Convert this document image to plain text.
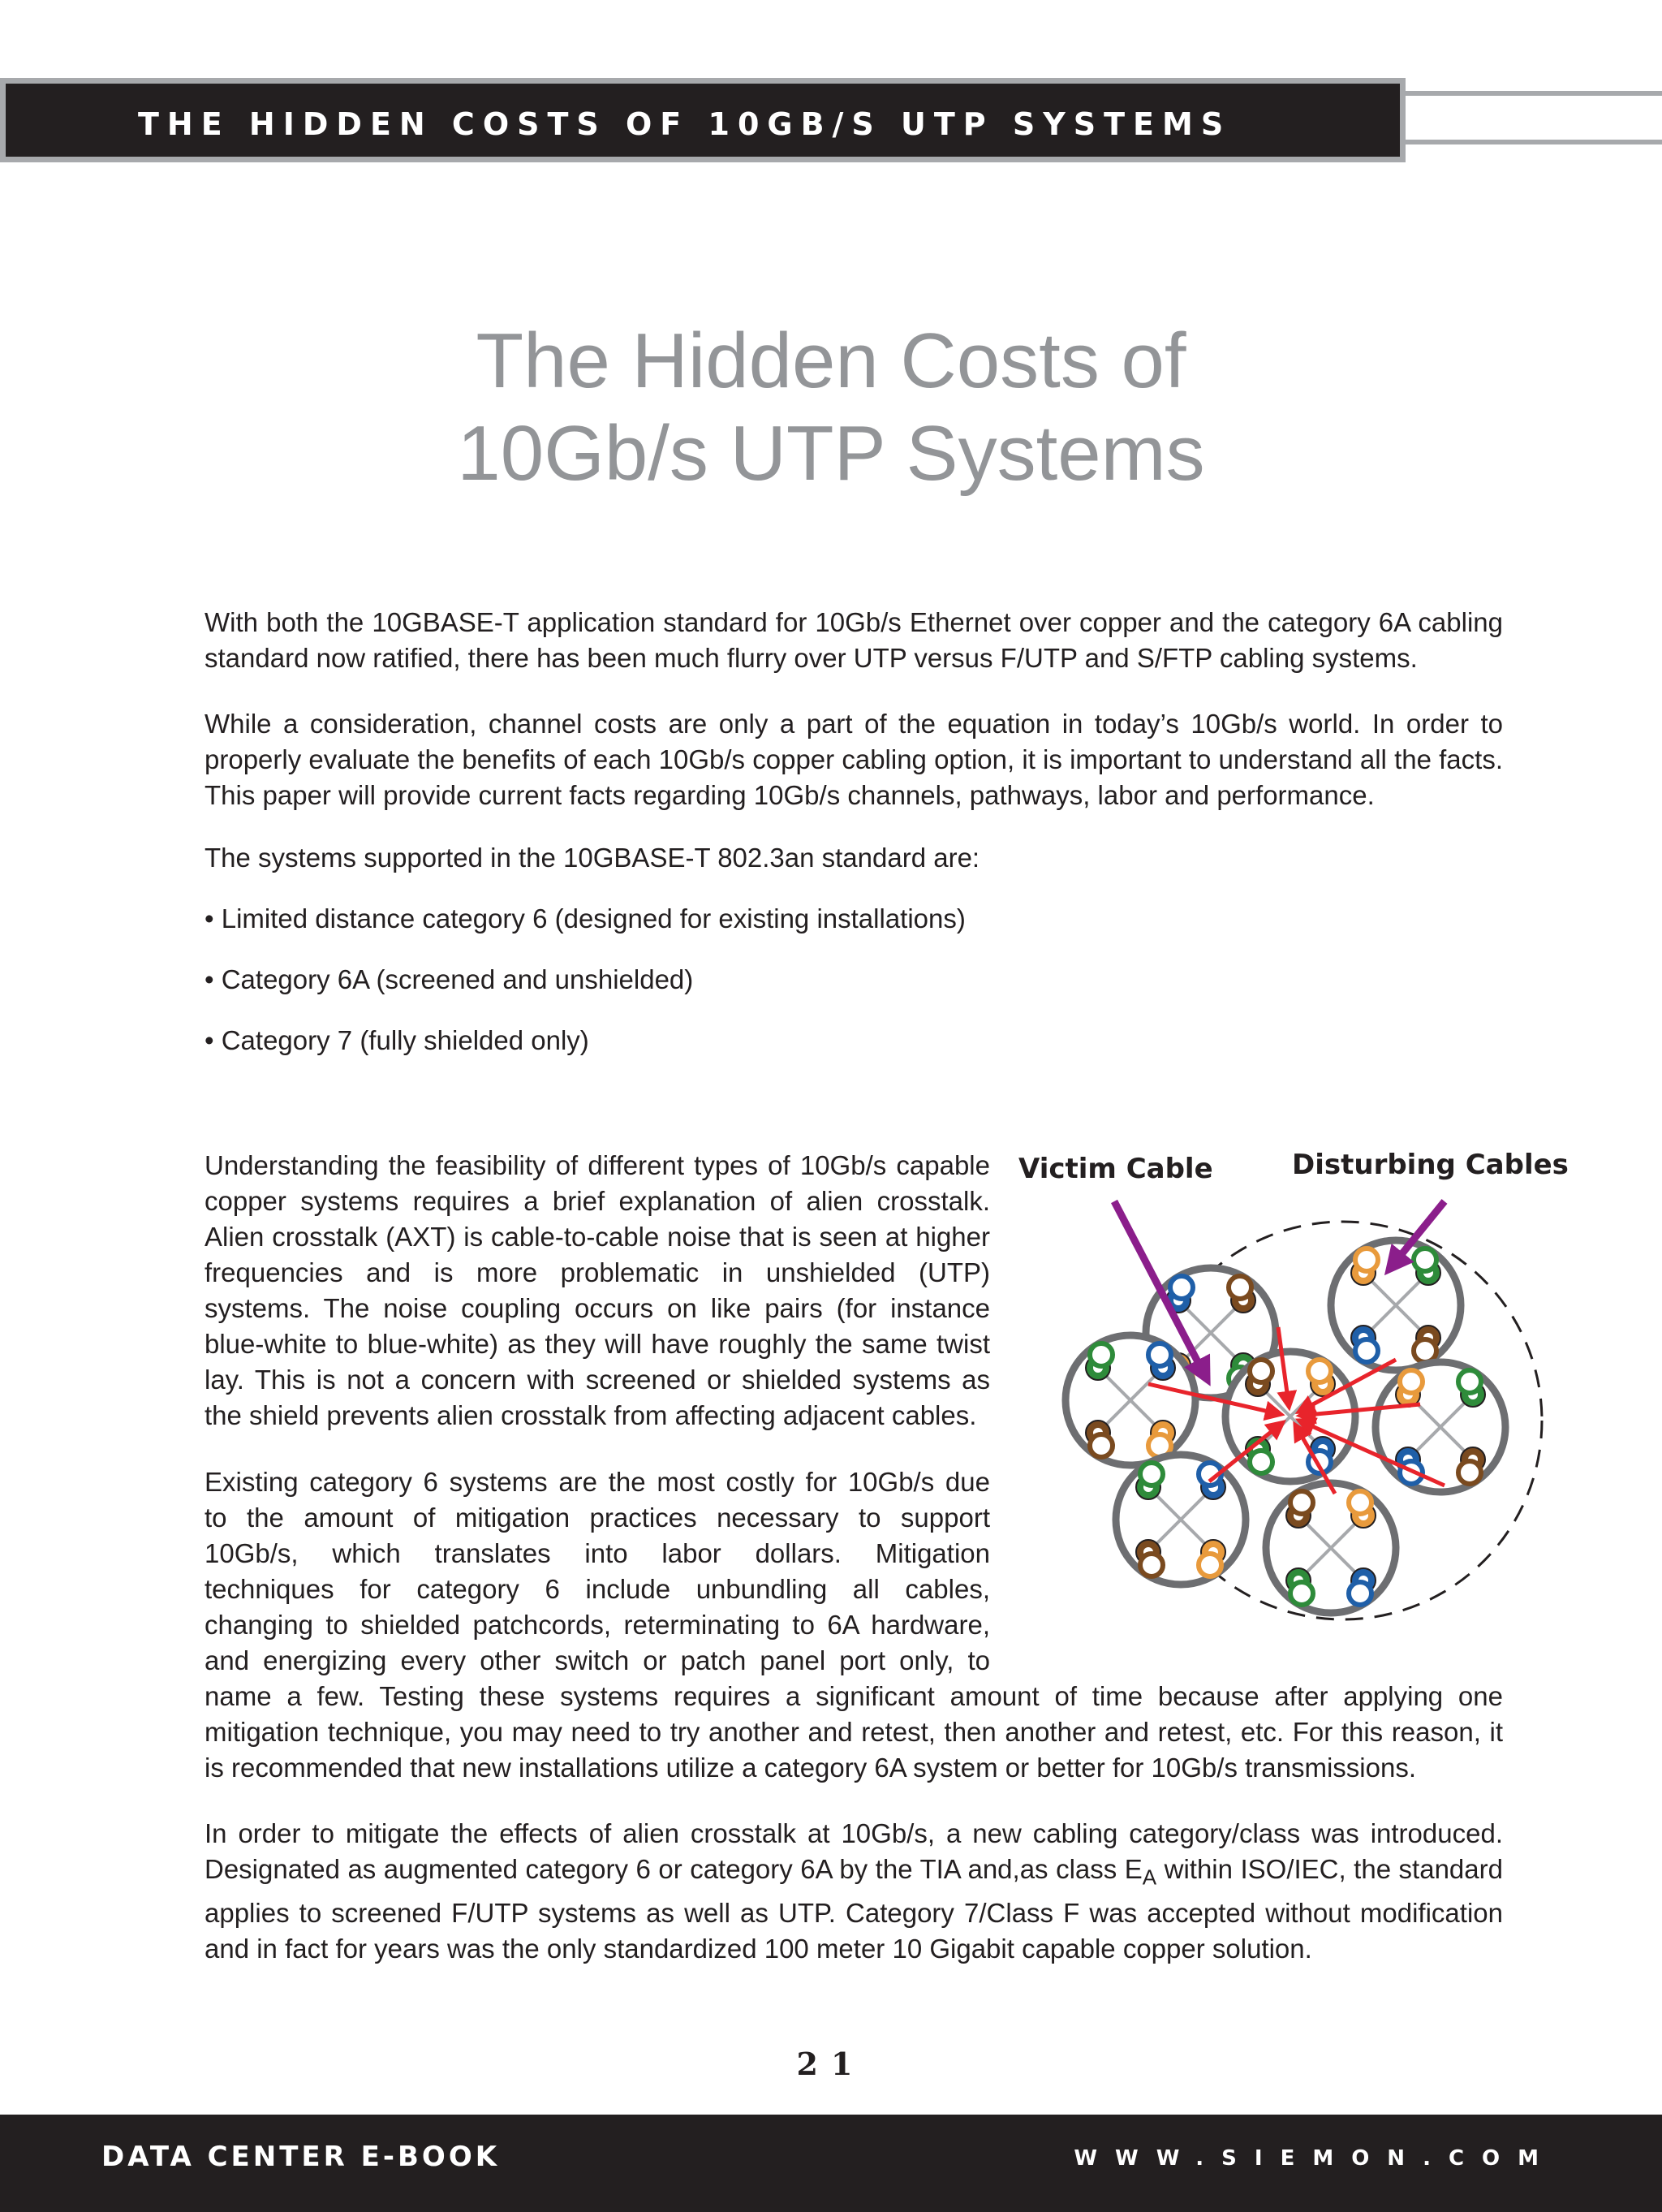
THE HIDDEN COSTS OF 10GB/S UTP SYSTEMS
The Hidden Costs of
10Gb/s UTP Systems
With both the 10GBASE-T application standard for 10Gb/s Ethernet over copper and the category 6A cabling standard now ratified, there has been much flurry over UTP versus F/UTP and S/FTP cabling systems.
While a consideration, channel costs are only a part of the equation in today’s 10Gb/s world. In order to properly evaluate the benefits of each 10Gb/s copper cabling option, it is important to understand all the facts. This paper will provide current facts regarding 10Gb/s channels, pathways, labor and performance.
The systems supported in the 10GBASE-T 802.3an standard are:
• Limited distance category 6 (designed for existing installations)
• Category 6A (screened and unshielded)
• Category 7 (fully shielded only)
Understanding the feasibility of different types of 10Gb/s capable copper systems requires a brief explanation of alien crosstalk. Alien crosstalk (AXT) is cable-to-cable noise that is seen at higher frequencies and is more problematic in unshielded (UTP) systems. The noise coupling occurs on like pairs (for instance blue-white to blue-white) as they will have roughly the same twist lay. This is not a concern with screened or shielded systems as the shield prevents alien crosstalk from affecting adjacent cables.
Existing category 6 systems are the most costly for 10Gb/s due
to the amount of mitigation practices necessary to support
10Gb/s, which translates into labor dollars. Mitigation
techniques for category 6 include unbundling all cables,
changing to shielded patchcords, reterminating to 6A hardware,
and energizing every other switch or patch panel port only, to
name a few. Testing these systems requires a significant amount of time because after applying one mitigation technique, you may need to try another and retest, then another and retest, etc. For this reason, it is recommended that new installations utilize a category 6A system or better for 10Gb/s transmissions.
In order to mitigate the effects of alien crosstalk at 10Gb/s, a new cabling category/class was introduced. Designated as augmented category 6 or category 6A by the TIA and,as class $E_A$ within ISO/IEC, the standard applies to screened F/UTP systems as well as UTP. Category 7/Class F was accepted without modification and in fact for years was the only standardized 100 meter 10 Gigabit capable copper solution.
Victim Cable	Disturbing Cables
21
DATA CENTER E-BOOK	WWW.SIEMON.COM
